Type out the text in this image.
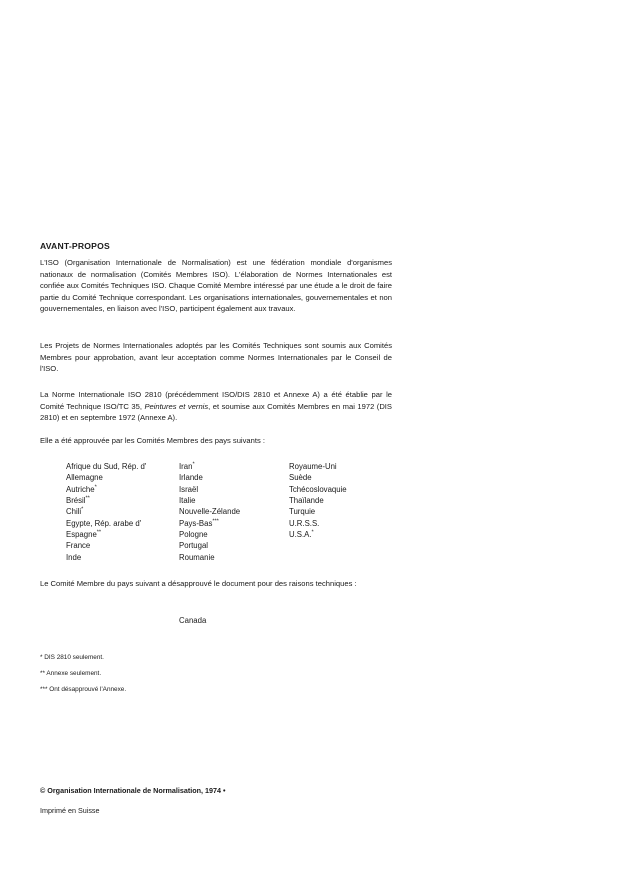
AVANT-PROPOS

L'ISO (Organisation Internationale de Normalisation) est une fédération mondiale d'organismes nationaux de normalisation (Comités Membres ISO). L'élaboration de Normes Internationales est confiée aux Comités Techniques ISO. Chaque Comité Membre intéressé par une étude a le droit de faire partie du Comité Technique correspondant. Les organisations internationales, gouvernementales et non gouvernementales, en liaison avec l'ISO, participent également aux travaux.

Les Projets de Normes Internationales adoptés par les Comités Techniques sont soumis aux Comités Membres pour approbation, avant leur acceptation comme Normes Internationales par le Conseil de l'ISO.

La Norme Internationale ISO 2810 (précédemment ISO/DIS 2810 et Annexe A) a été établie par le Comité Technique ISO/TC 35, Peintures et vernis, et soumise aux Comités Membres en mai 1972 (DIS 2810) et en septembre 1972 (Annexe A).

Elle a été approuvée par les Comités Membres des pays suivants :

Afrique du Sud, Rép. d'
Allemagne
Autriche*
Brésil**
Chili*
Egypte, Rép. arabe d'
Espagne**
France
Inde
Iran*
Irlande
Israël
Italie
Nouvelle-Zélande
Pays-Bas***
Pologne
Portugal
Roumanie
Royaume-Uni
Suède
Tchécoslovaquie
Thaïlande
Turquie
U.R.S.S.
U.S.A.*

Le Comité Membre du pays suivant a désapprouvé le document pour des raisons techniques :

Canada
* DIS 2810 seulement.
** Annexe seulement.
*** Ont désapprouvé l'Annexe.
© Organisation Internationale de Normalisation, 1974 •
Imprimé en Suisse
